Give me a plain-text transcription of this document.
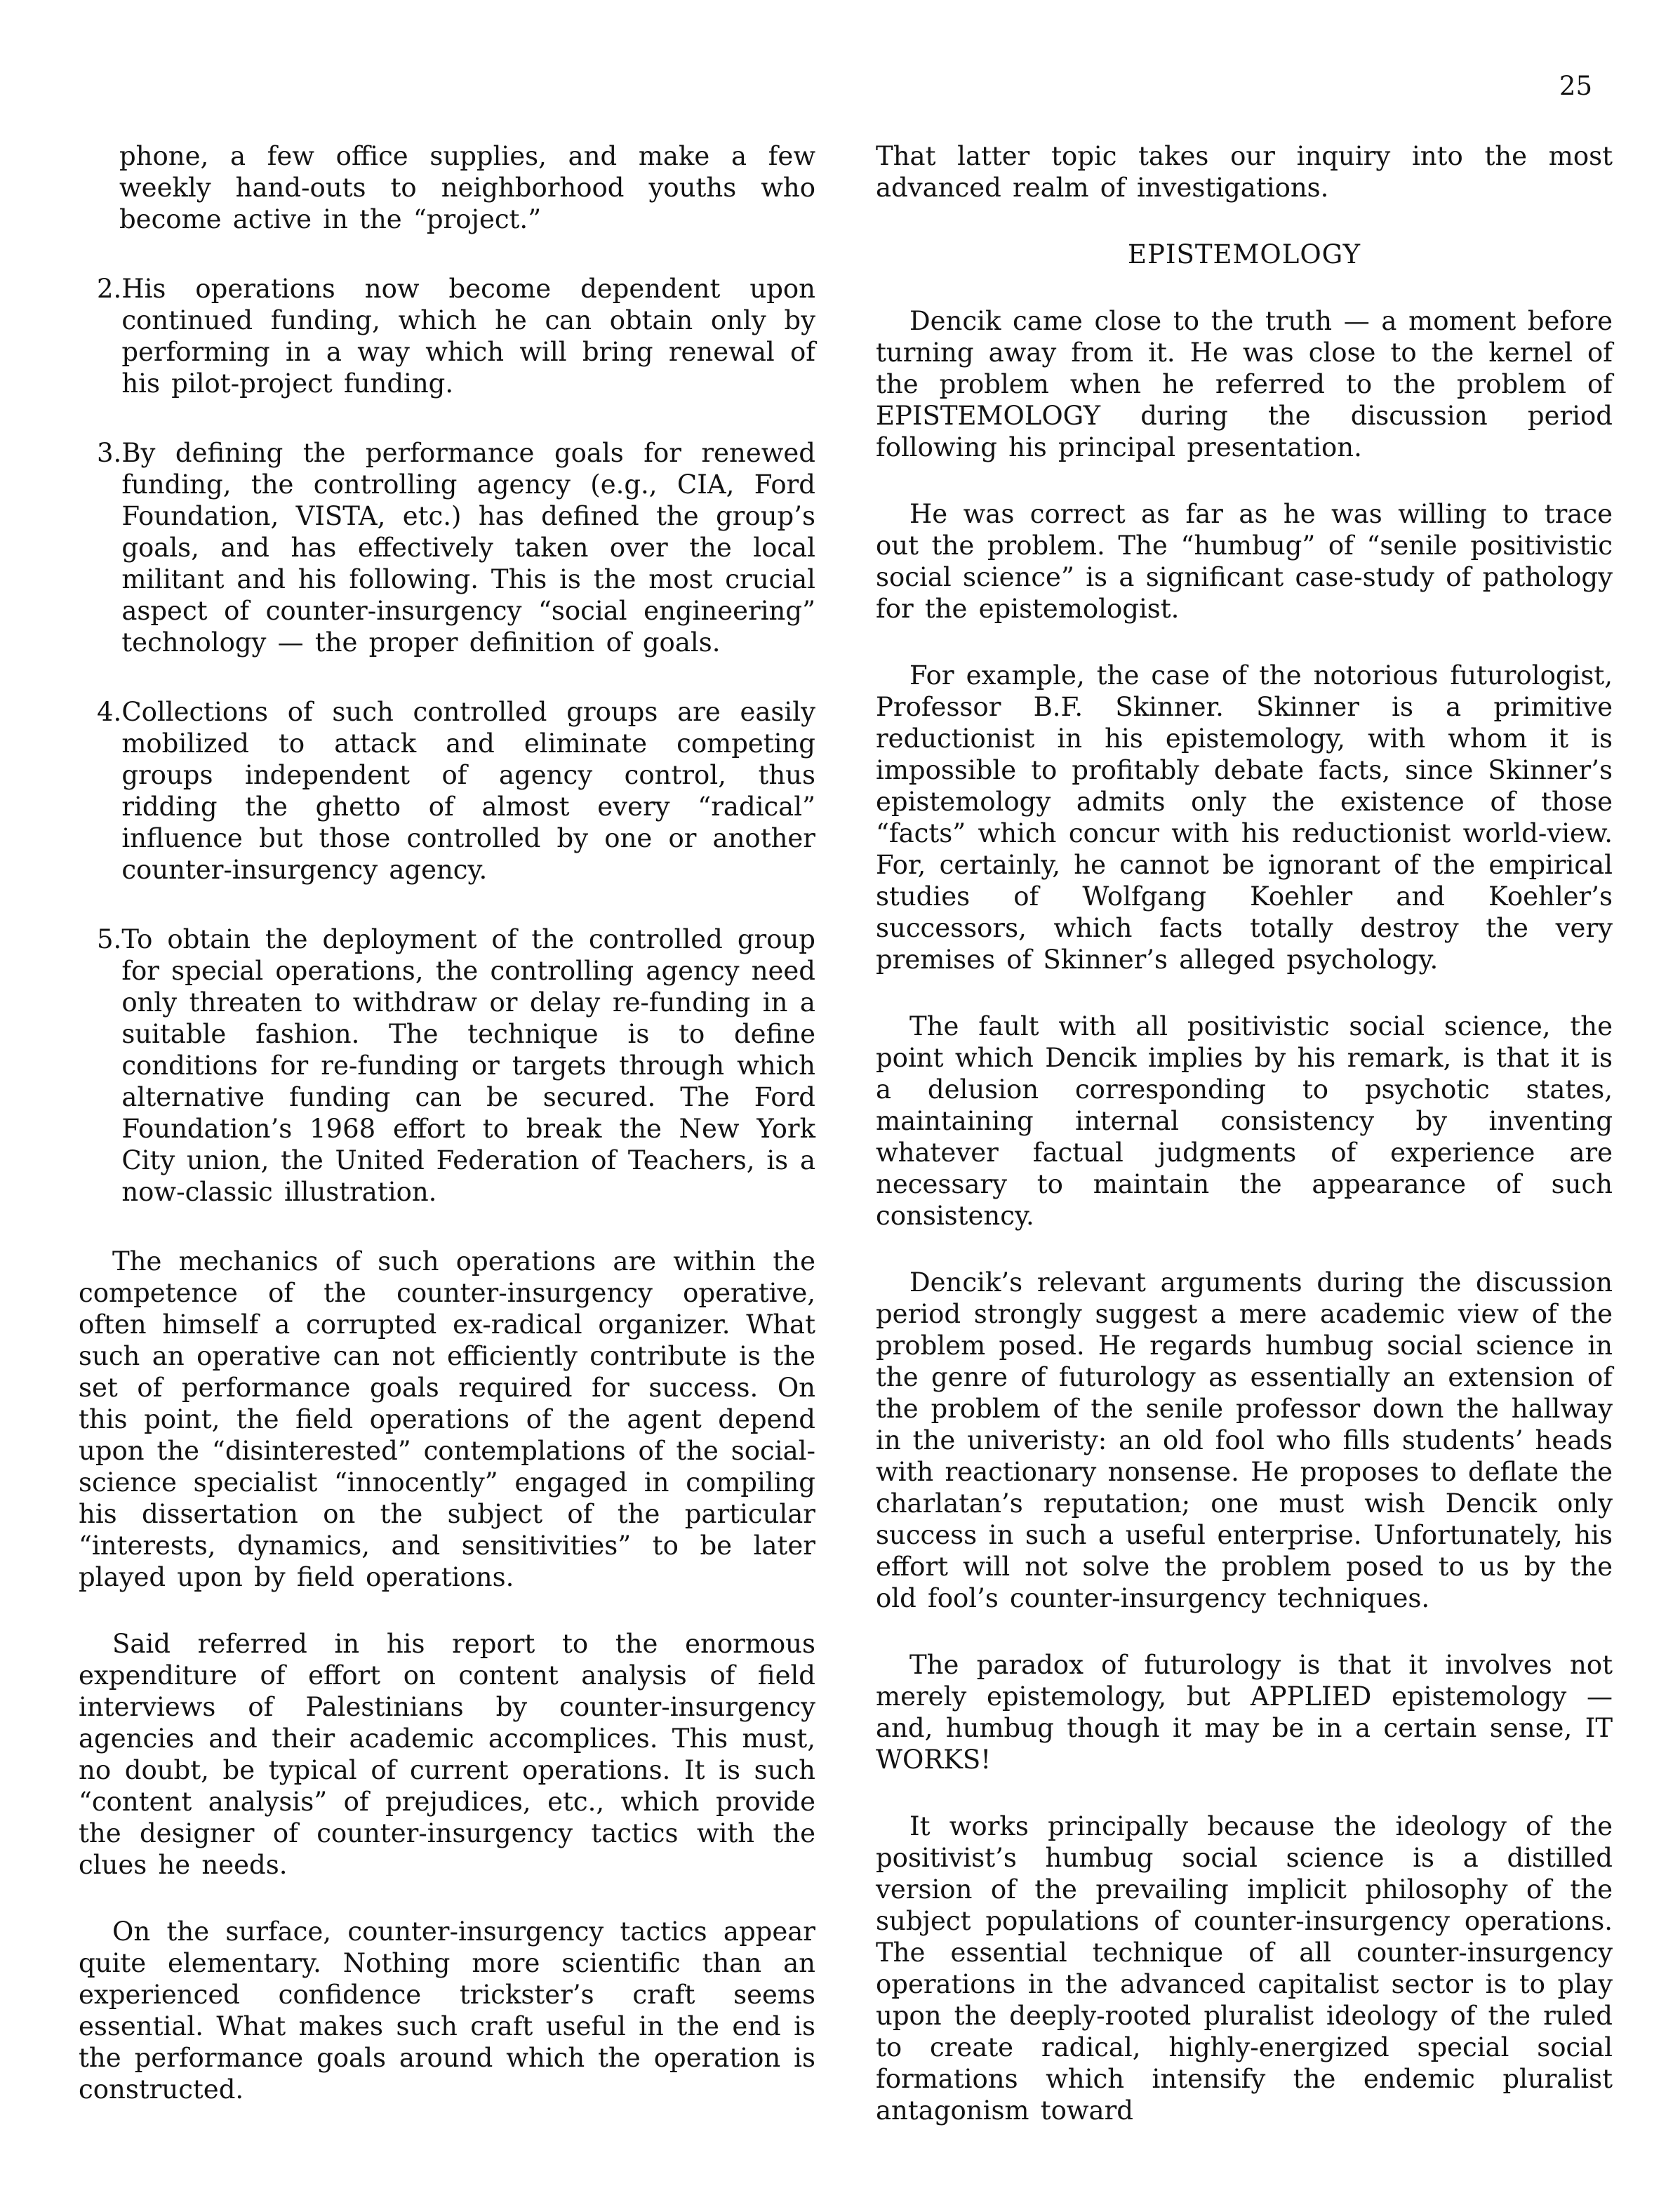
25
phone, a few office supplies, and make a few weekly hand-outs to neighborhood youths who become active in the “project.”
2. His operations now become dependent upon continued funding, which he can obtain only by performing in a way which will bring renewal of his pilot-project funding.
3. By defining the performance goals for renewed funding, the controlling agency (e.g., CIA, Ford Foundation, VISTA, etc.) has defined the group’s goals, and has effectively taken over the local militant and his following. This is the most crucial aspect of counter-insurgency “social engineering” technology — the proper definition of goals.
4. Collections of such controlled groups are easily mobilized to attack and eliminate competing groups independent of agency control, thus ridding the ghetto of almost every “radical” influence but those controlled by one or another counter-insurgency agency.
5. To obtain the deployment of the controlled group for special operations, the controlling agency need only threaten to withdraw or delay re-funding in a suitable fashion. The technique is to define conditions for re-funding or targets through which alternative funding can be secured. The Ford Foundation’s 1968 effort to break the New York City union, the United Federation of Teachers, is a now-classic illustration.

The mechanics of such operations are within the competence of the counter-insurgency operative, often himself a corrupted ex-radical organizer. What such an operative can not efficiently contribute is the set of performance goals required for success. On this point, the field operations of the agent depend upon the “disinterested” contemplations of the social-science specialist “innocently” engaged in compiling his dissertation on the subject of the particular “interests, dynamics, and sensitivities” to be later played upon by field operations.

Said referred in his report to the enormous expenditure of effort on content analysis of field interviews of Palestinians by counter-insurgency agencies and their academic accomplices. This must, no doubt, be typical of current operations. It is such “content analysis” of prejudices, etc., which provide the designer of counter-insurgency tactics with the clues he needs.

On the surface, counter-insurgency tactics appear quite elementary. Nothing more scientific than an experienced confidence trickster’s craft seems essential. What makes such craft useful in the end is the performance goals around which the operation is constructed.

That latter topic takes our inquiry into the most advanced realm of investigations.

EPISTEMOLOGY

Dencik came close to the truth — a moment before turning away from it. He was close to the kernel of the problem when he referred to the problem of EPISTEMOLOGY during the discussion period following his principal presentation.

He was correct as far as he was willing to trace out the problem. The “humbug” of “senile positivistic social science” is a significant case-study of pathology for the epistemologist.

For example, the case of the notorious futurologist, Professor B.F. Skinner. Skinner is a primitive reductionist in his epistemology, with whom it is impossible to profitably debate facts, since Skinner’s epistemology admits only the existence of those “facts” which concur with his reductionist world-view. For, certainly, he cannot be ignorant of the empirical studies of Wolfgang Koehler and Koehler’s successors, which facts totally destroy the very premises of Skinner’s alleged psychology.

The fault with all positivistic social science, the point which Dencik implies by his remark, is that it is a delusion corresponding to psychotic states, maintaining internal consistency by inventing whatever factual judgments of experience are necessary to maintain the appearance of such consistency.

Dencik’s relevant arguments during the discussion period strongly suggest a mere academic view of the problem posed. He regards humbug social science in the genre of futurology as essentially an extension of the problem of the senile professor down the hallway in the univeristy: an old fool who fills students’ heads with reactionary nonsense. He proposes to deflate the charlatan’s reputation; one must wish Dencik only success in such a useful enterprise. Unfortunately, his effort will not solve the problem posed to us by the old fool’s counter-insurgency techniques.

The paradox of futurology is that it involves not merely epistemology, but APPLIED epistemology — and, humbug though it may be in a certain sense, IT WORKS!

It works principally because the ideology of the positivist’s humbug social science is a distilled version of the prevailing implicit philosophy of the subject populations of counter-insurgency operations. The essential technique of all counter-insurgency operations in the advanced capitalist sector is to play upon the deeply-rooted pluralist ideology of the ruled to create radical, highly-energized special social formations which intensify the endemic pluralist antagonism toward
